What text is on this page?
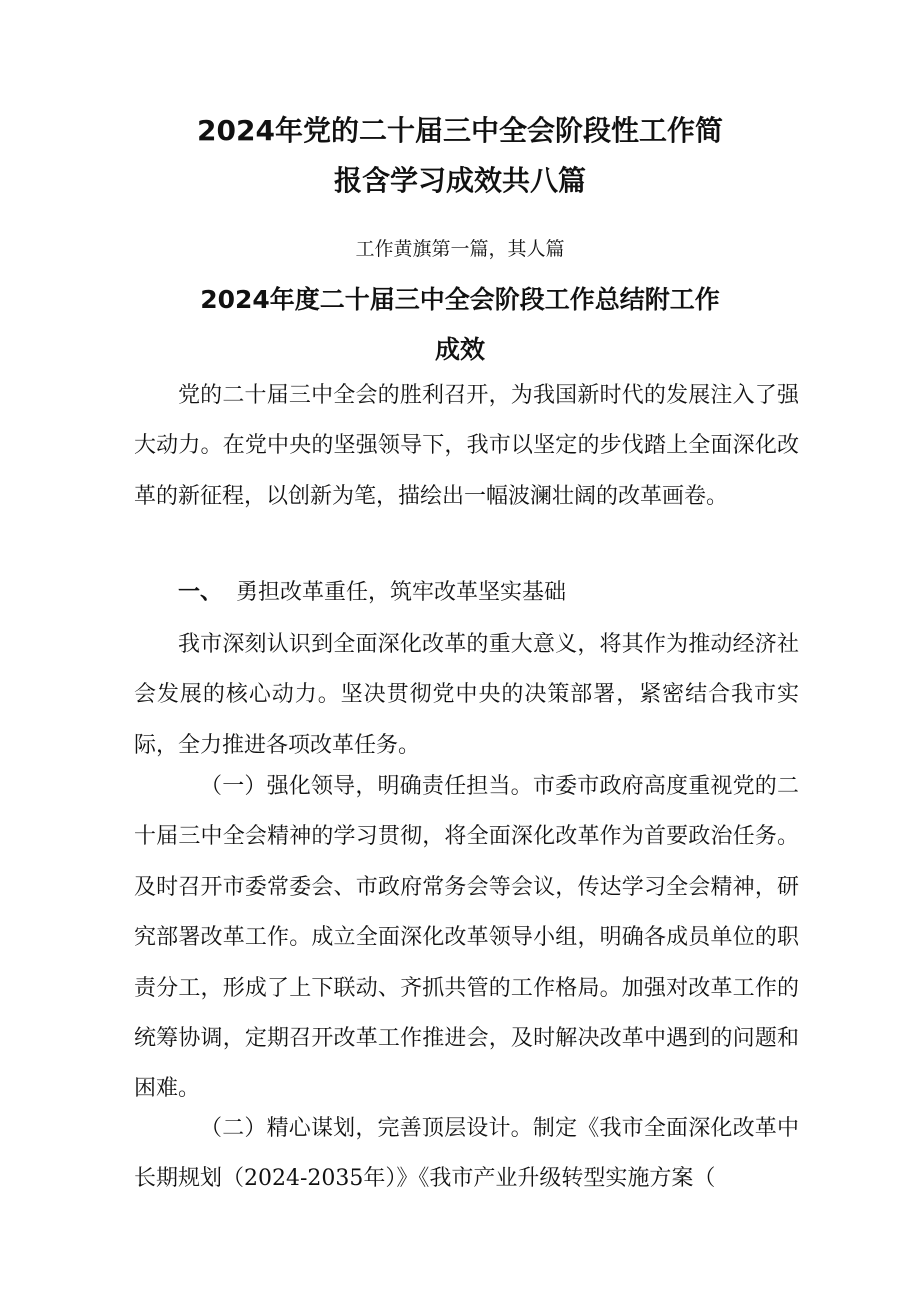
2024年党的二十届三中全会阶段性工作简
报含学习成效共八篇
工作黄旗第一篇，其人篇
2024年度二十届三中全会阶段工作总结附工作
成效

党的二十届三中全会的胜利召开，为我国新时代的发展注入了强大动力。在党中央的坚强领导下，我市以坚定的步伐踏上全面深化改革的新征程，以创新为笔，描绘出一幅波澜壮阔的改革画卷。

一、 勇担改革重任，筑牢改革坚实基础

我市深刻认识到全面深化改革的重大意义，将其作为推动经济社会发展的核心动力。坚决贯彻党中央的决策部署，紧密结合我市实际，全力推进各项改革任务。

（一）强化领导，明确责任担当。市委市政府高度重视党的二十届三中全会精神的学习贯彻，将全面深化改革作为首要政治任务。及时召开市委常委会、市政府常务会等会议，传达学习全会精神，研究部署改革工作。成立全面深化改革领导小组，明确各成员单位的职责分工，形成了上下联动、齐抓共管的工作格局。加强对改革工作的统筹协调，定期召开改革工作推进会，及时解决改革中遇到的问题和困难。

（二）精心谋划，完善顶层设计。制定《我市全面深化改革中长期规划（2024-2035年）》《我市产业升级转型实施方案（
